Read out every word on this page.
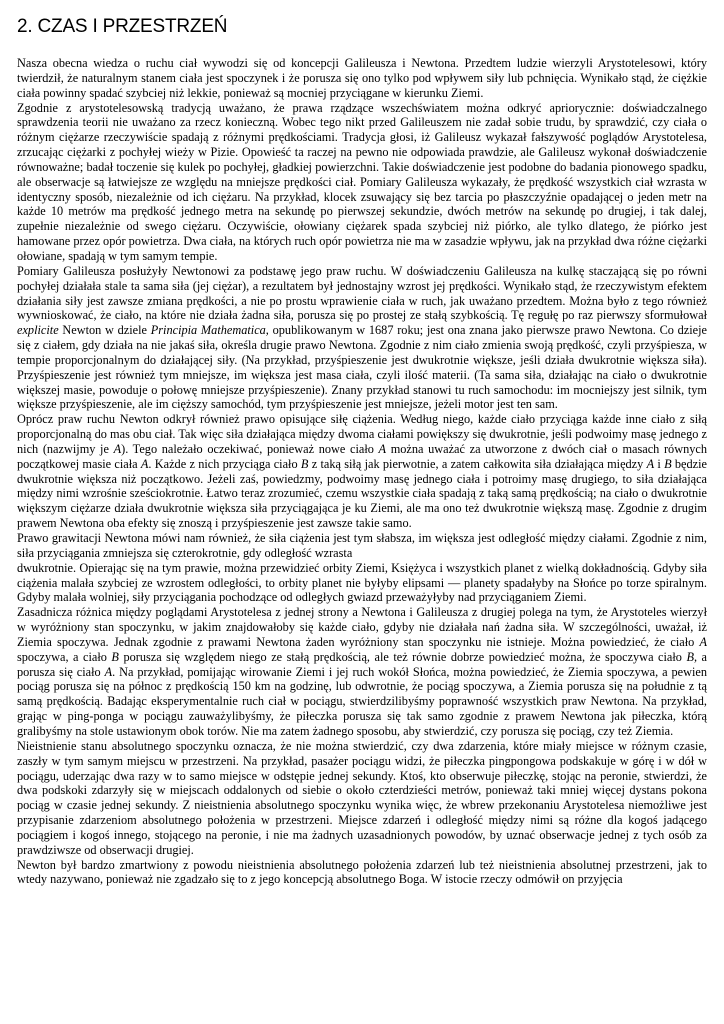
2. CZAS I PRZESTRZEŃ

Nasza obecna wiedza o ruchu ciał wywodzi się od koncepcji Galileusza i Newtona. Przedtem ludzie wierzyli Arystotelesowi, który twierdził, że naturalnym stanem ciała jest spoczynek i że porusza się ono tylko pod wpływem siły lub pchnięcia. Wynikało stąd, że ciężkie ciała powinny spadać szybciej niż lekkie, ponieważ są mocniej przyciągane w kierunku Ziemi.

Zgodnie z arystotelesowską tradycją uważano, że prawa rządzące wszechświatem można odkryć apriorycznie: doświadczalnego sprawdzenia teorii nie uważano za rzecz konieczną. Wobec tego nikt przed Galileuszem nie zadał sobie trudu, by sprawdzić, czy ciała o różnym ciężarze rzeczywiście spadają z różnymi prędkościami. Tradycja głosi, iż Galileusz wykazał fałszywość poglądów Arystotelesa, zrzucając ciężarki z pochyłej wieży w Pizie. Opowieść ta raczej na pewno nie odpowiada prawdzie, ale Galileusz wykonał doświadczenie równoważne; badał toczenie się kulek po pochyłej, gładkiej powierzchni. Takie doświadczenie jest podobne do badania pionowego spadku, ale obserwacje są łatwiejsze ze względu na mniejsze prędkości ciał. Pomiary Galileusza wykazały, że prędkość wszystkich ciał wzrasta w identyczny sposób, niezależnie od ich ciężaru. Na przykład, klocek zsuwający się bez tarcia po płaszczyźnie opadającej o jeden metr na każde 10 metrów ma prędkość jednego metra na sekundę po pierwszej sekundzie, dwóch metrów na sekundę po drugiej, i tak dalej, zupełnie niezależnie od swego ciężaru. Oczywiście, ołowiany ciężarek spada szybciej niż piórko, ale tylko dlatego, że piórko jest hamowane przez opór powietrza. Dwa ciała, na których ruch opór powietrza nie ma w zasadzie wpływu, jak na przykład dwa różne ciężarki ołowiane, spadają w tym samym tempie.

Pomiary Galileusza posłużyły Newtonowi za podstawę jego praw ruchu. W doświadczeniu Galileusza na kulkę staczającą się po równi pochyłej działała stale ta sama siła (jej ciężar), a rezultatem był jednostajny wzrost jej prędkości. Wynikało stąd, że rzeczywistym efektem działania siły jest zawsze zmiana prędkości, a nie po prostu wprawienie ciała w ruch, jak uważano przedtem. Można było z tego również wywnioskować, że ciało, na które nie działa żadna siła, porusza się po prostej ze stałą szybkością. Tę regułę po raz pierwszy sformułował explicite Newton w dziele Principia Mathematica, opublikowanym w 1687 roku; jest ona znana jako pierwsze prawo Newtona. Co dzieje się z ciałem, gdy działa na nie jakaś siła, określa drugie prawo Newtona. Zgodnie z nim ciało zmienia swoją prędkość, czyli przyśpiesza, w tempie proporcjonalnym do działającej siły. (Na przykład, przyśpieszenie jest dwukrotnie większe, jeśli działa dwukrotnie większa siła). Przyśpieszenie jest również tym mniejsze, im większa jest masa ciała, czyli ilość materii. (Ta sama siła, działając na ciało o dwukrotnie większej masie, powoduje o połowę mniejsze przyśpieszenie). Znany przykład stanowi tu ruch samochodu: im mocniejszy jest silnik, tym większe przyśpieszenie, ale im cięższy samochód, tym przyśpieszenie jest mniejsze, jeżeli motor jest ten sam.

Oprócz praw ruchu Newton odkrył również prawo opisujące siłę ciążenia. Według niego, każde ciało przyciąga każde inne ciało z siłą proporcjonalną do mas obu ciał. Tak więc siła działająca między dwoma ciałami powiększy się dwukrotnie, jeśli podwoimy masę jednego z nich (nazwijmy je A). Tego należało oczekiwać, ponieważ nowe ciało A można uważać za utworzone z dwóch ciał o masach równych początkowej masie ciała A. Każde z nich przyciąga ciało B z taką siłą jak pierwotnie, a zatem całkowita siła działająca między A i B będzie dwukrotnie większa niż początkowo. Jeżeli zaś, powiedzmy, podwoimy masę jednego ciała i potroimy masę drugiego, to siła działająca między nimi wzrośnie sześciokrotnie. Łatwo teraz zrozumieć, czemu wszystkie ciała spadają z taką samą prędkością; na ciało o dwukrotnie większym ciężarze działa dwukrotnie większa siła przyciągająca je ku Ziemi, ale ma ono też dwukrotnie większą masę. Zgodnie z drugim prawem Newtona oba efekty się znoszą i przyśpieszenie jest zawsze takie samo.

Prawo grawitacji Newtona mówi nam również, że siła ciążenia jest tym słabsza, im większa jest odległość między ciałami. Zgodnie z nim, siła przyciągania zmniejsza się czterokrotnie, gdy odległość wzrasta

dwukrotnie. Opierając się na tym prawie, można przewidzieć orbity Ziemi, Księżyca i wszystkich planet z wielką dokładnością. Gdyby siła ciążenia malała szybciej ze wzrostem odległości, to orbity planet nie byłyby elipsami — planety spadałyby na Słońce po torze spiralnym. Gdyby malała wolniej, siły przyciągania pochodzące od odległych gwiazd przeważyłyby nad przyciąganiem Ziemi.

Zasadnicza różnica między poglądami Arystotelesa z jednej strony a Newtona i Galileusza z drugiej polega na tym, że Arystoteles wierzył w wyróżniony stan spoczynku, w jakim znajdowałoby się każde ciało, gdyby nie działała nań żadna siła. W szczególności, uważał, iż Ziemia spoczywa. Jednak zgodnie z prawami Newtona żaden wyróżniony stan spoczynku nie istnieje. Można powiedzieć, że ciało A spoczywa, a ciało B porusza się względem niego ze stałą prędkością, ale też równie dobrze powiedzieć można, że spoczywa ciało B, a porusza się ciało A. Na przykład, pomijając wirowanie Ziemi i jej ruch wokół Słońca, można powiedzieć, że Ziemia spoczywa, a pewien pociąg porusza się na północ z prędkością 150 km na godzinę, lub odwrotnie, że pociąg spoczywa, a Ziemia porusza się na południe z tą samą prędkością. Badając eksperymentalnie ruch ciał w pociągu, stwierdzilibyśmy poprawność wszystkich praw Newtona. Na przykład, grając w ping-ponga w pociągu zauważylibyśmy, że piłeczka porusza się tak samo zgodnie z prawem Newtona jak piłeczka, którą gralibyśmy na stole ustawionym obok torów. Nie ma zatem żadnego sposobu, aby stwierdzić, czy porusza się pociąg, czy też Ziemia.

Nieistnienie stanu absolutnego spoczynku oznacza, że nie można stwierdzić, czy dwa zdarzenia, które miały miejsce w różnym czasie, zaszły w tym samym miejscu w przestrzeni. Na przykład, pasażer pociągu widzi, że piłeczka pingpongowa podskakuje w górę i w dół w pociągu, uderzając dwa razy w to samo miejsce w odstępie jednej sekundy. Ktoś, kto obserwuje piłeczkę, stojąc na peronie, stwierdzi, że dwa podskoki zdarzyły się w miejscach oddalonych od siebie o około czterdzieści metrów, ponieważ taki mniej więcej dystans pokona pociąg w czasie jednej sekundy. Z nieistnienia absolutnego spoczynku wynika więc, że wbrew przekonaniu Arystotelesa niemożliwe jest przypisanie zdarzeniom absolutnego położenia w przestrzeni. Miejsce zdarzeń i odległość między nimi są różne dla kogoś jadącego pociągiem i kogoś innego, stojącego na peronie, i nie ma żadnych uzasadnionych powodów, by uznać obserwacje jednej z tych osób za prawdziwsze od obserwacji drugiej.

Newton był bardzo zmartwiony z powodu nieistnienia absolutnego położenia zdarzeń lub też nieistnienia absolutnej przestrzeni, jak to wtedy nazywano, ponieważ nie zgadzało się to z jego koncepcją absolutnego Boga. W istocie rzeczy odmówił on przyjęcia
